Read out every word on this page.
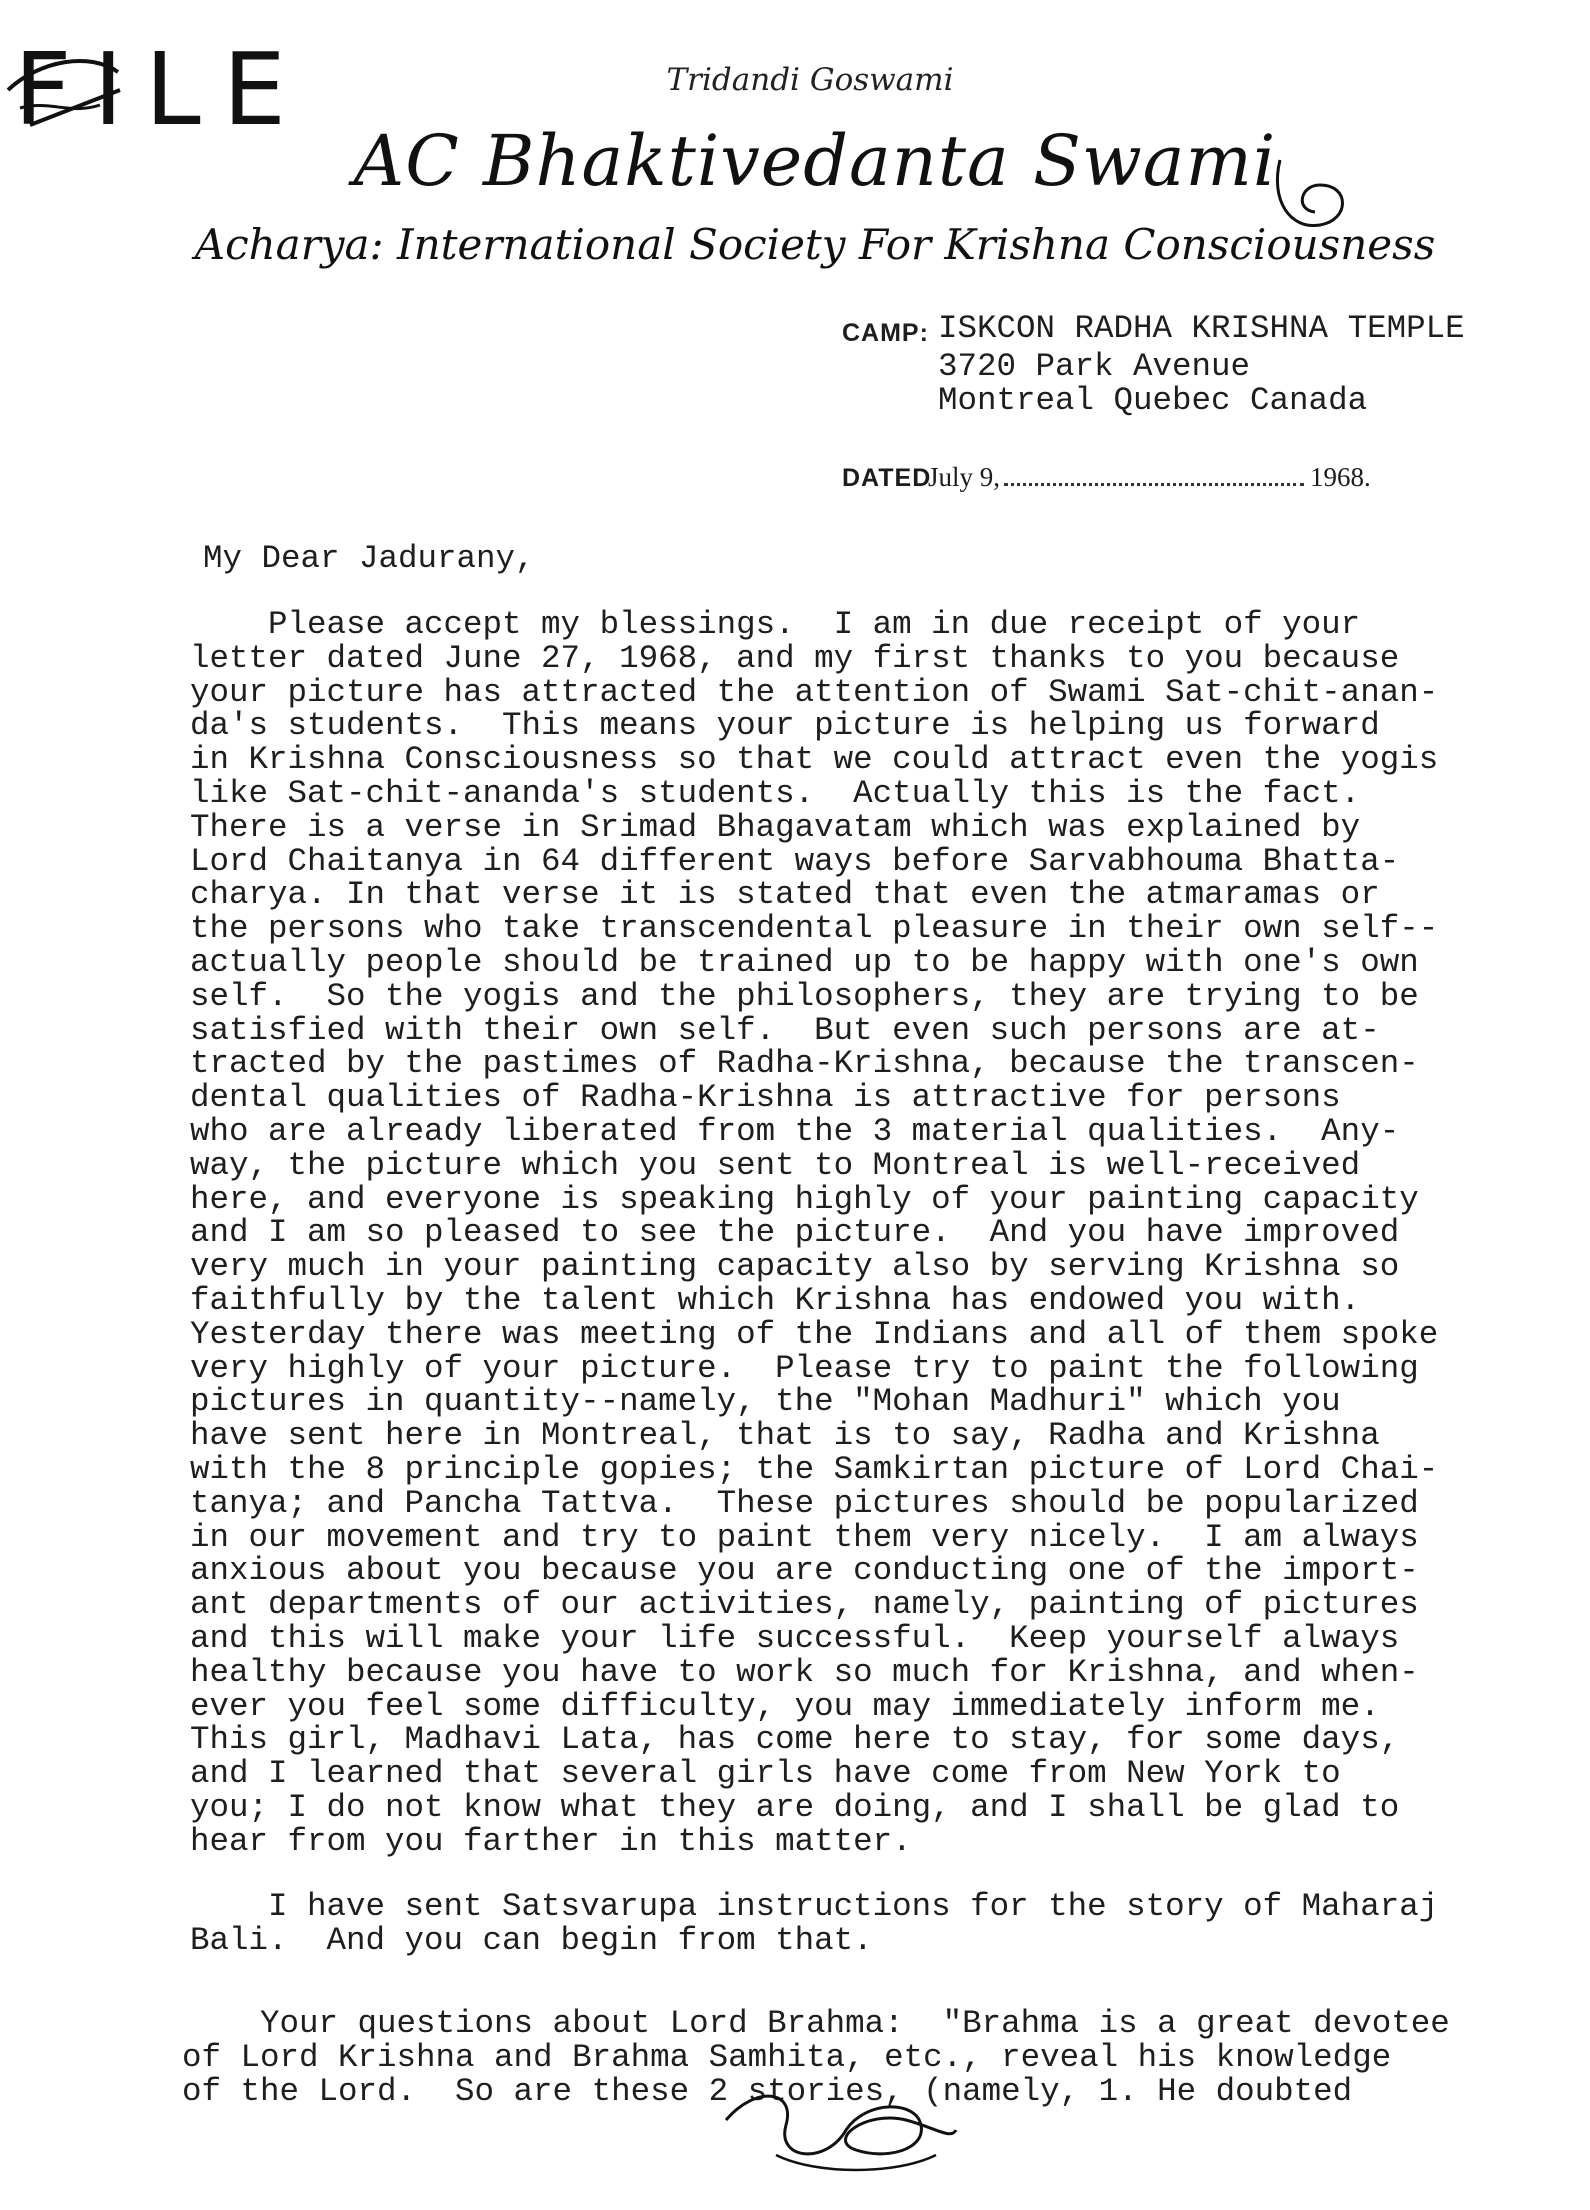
FILE	Tridandi Goswami
AC Bhaktivedanta Swami
Acharya: International Society For Krishna Consciousness
CAMP: ISKCON RADHA KRISHNA TEMPLE
3720 Park Avenue
Montreal Quebec Canada
DATED
July 9,	1968.
My Dear Jadurany,
Please accept my blessings.  I am in due receipt of your
letter dated June 27, 1968, and my first thanks to you because
your picture has attracted the attention of Swami Sat-chit-anan-
da's students.  This means your picture is helping us forward
in Krishna Consciousness so that we could attract even the yogis
like Sat-chit-ananda's students.  Actually this is the fact.
There is a verse in Srimad Bhagavatam which was explained by
Lord Chaitanya in 64 different ways before Sarvabhouma Bhatta-
charya. In that verse it is stated that even the atmaramas or
the persons who take transcendental pleasure in their own self--
actually people should be trained up to be happy with one's own
self.  So the yogis and the philosophers, they are trying to be
satisfied with their own self.  But even such persons are at-
tracted by the pastimes of Radha-Krishna, because the transcen-
dental qualities of Radha-Krishna is attractive for persons
who are already liberated from the 3 material qualities.  Any-
way, the picture which you sent to Montreal is well-received
here, and everyone is speaking highly of your painting capacity
and I am so pleased to see the picture.  And you have improved
very much in your painting capacity also by serving Krishna so
faithfully by the talent which Krishna has endowed you with.
Yesterday there was meeting of the Indians and all of them spoke
very highly of your picture.  Please try to paint the following
pictures in quantity--namely, the "Mohan Madhuri" which you
have sent here in Montreal, that is to say, Radha and Krishna
with the 8 principle gopies; the Samkirtan picture of Lord Chai-
tanya; and Pancha Tattva.  These pictures should be popularized
in our movement and try to paint them very nicely.  I am always
anxious about you because you are conducting one of the import-
ant departments of our activities, namely, painting of pictures
and this will make your life successful.  Keep yourself always
healthy because you have to work so much for Krishna, and when-
ever you feel some difficulty, you may immediately inform me.
This girl, Madhavi Lata, has come here to stay, for some days,
and I learned that several girls have come from New York to
you; I do not know what they are doing, and I shall be glad to
hear from you farther in this matter.
I have sent Satsvarupa instructions for the story of Maharaj
Bali.  And you can begin from that.
Your questions about Lord Brahma:  "Brahma is a great devotee
of Lord Krishna and Brahma Samhita, etc., reveal his knowledge
of the Lord.  So are these 2 stories, (namely, 1. He doubted
